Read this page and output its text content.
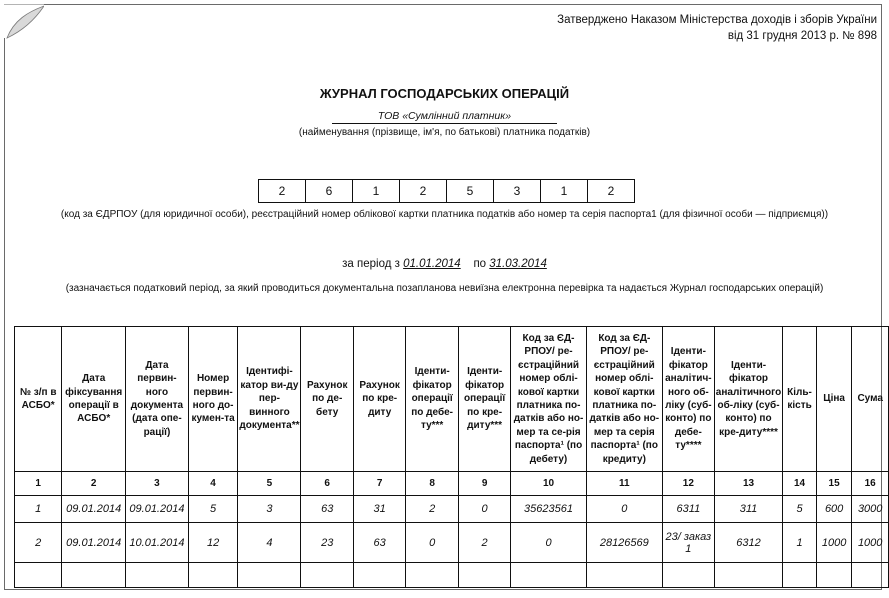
Затверджено Наказом Міністерства доходів і зборів України
від 31 грудня 2013 р. № 898
ЖУРНАЛ ГОСПОДАРСЬКИХ ОПЕРАЦІЙ
ТОВ «Сумлінний платник»
(найменування (прізвище, ім'я, по батькові) платника податків)
2	6	1	2	5	3	1	2
(код за ЄДРПОУ (для юридичної особи), реєстраційний номер облікової картки платника податків або номер та серія паспорта1 (для фізичної особи — підприємця))
за період з 01.01.2014 по 31.03.2014
(зазначається податковий період, за який проводиться документальна позапланова невиїзна електронна перевірка та надається Журнал господарських операцій)
№ з/п в АСБО*	Дата фіксування операції в АСБО*	Дата первин-ного документа (дата опе-рації)	Номер первин-ного до-кумен-та	Ідентифі-катор ви-ду пер-винного документа**	Рахунок по де-бету	Рахунок по кре-диту	Іденти-фікатор операції по дебе-ту***	Іденти-фікатор операції по кре-диту***	Код за ЄД-РПОУ/ ре-єстраційний номер облі-кової картки платника по-датків або но-мер та се-рія паспорта¹ (по дебету)	Код за ЄД-РПОУ/ ре-єстраційний номер облі-кової картки платника по-датків або но-мер та серія паспорта¹ (по кредиту)	Іденти-фікатор аналітич-ного об-ліку (суб-конто) по дебе-ту****	Іденти-фікатор аналітичного об-ліку (суб-конто) по кре-диту****	Кіль-кість	Ціна	Сума
1	2	3	4	5	6	7	8	9	10	11	12	13	14	15	16
1	09.01.2014	09.01.2014	5	3	63	31	2	0	35623561	0	6311	311	5	600	3000
2	09.01.2014	10.01.2014	12	4	23	63	0	2	0	28126569	23/ заказ 1	6312	1	1000	1000
